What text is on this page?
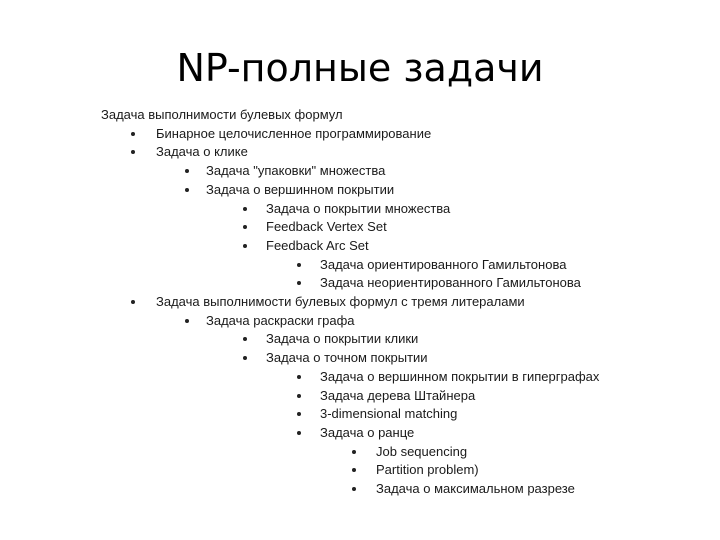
NP-полные задачи
Задача выполнимости булевых формул
Бинарное целочисленное программирование
Задача о клике
Задача "упаковки" множества
Задача о вершинном покрытии
Задача о покрытии множества
Feedback Vertex Set
Feedback Arc Set
Задача ориентированного Гамильтонова
Задача неориентированного Гамильтонова
Задача выполнимости булевых формул с тремя литералами
Задача раскраски графа
Задача о покрытии клики
Задача о точном покрытии
Задача о вершинном покрытии в гиперграфах
Задача дерева Штайнера
3-dimensional matching
Задача о ранце
Job sequencing
Partition problem)
Задача о максимальном разрезе
